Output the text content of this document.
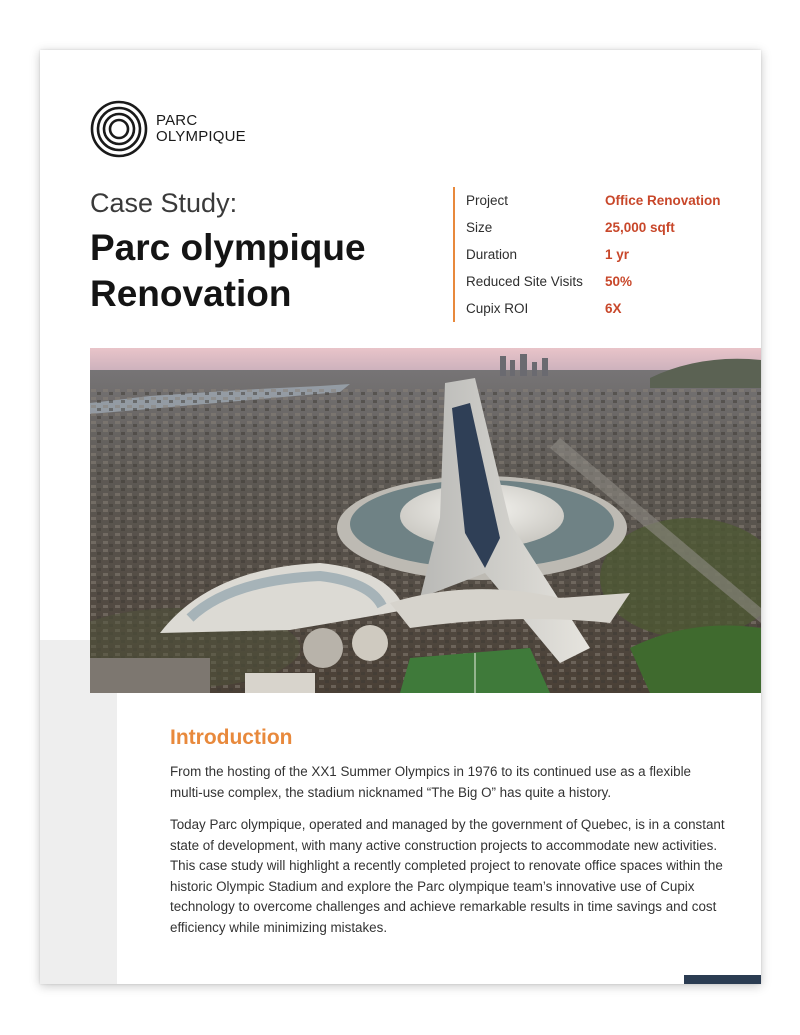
PARC
OLYMPIQUE
Case Study:
Parc olympique
Renovation
Project	Office Renovation
Size	25,000 sqft
Duration	1 yr
Reduced Site Visits	50%
Cupix ROI	6X
Introduction

From the hosting of the XX1 Summer Olympics in 1976 to its continued use as a flexible multi-use complex, the stadium nicknamed “The Big O” has quite a history.

Today Parc olympique, operated and managed by the government of Quebec, is in a constant state of development, with many active construction projects to accommodate new activities. This case study will highlight a recently completed project to renovate office spaces within the historic Olympic Stadium and explore the Parc olympique team’s innovative use of Cupix technology to overcome challenges and achieve remarkable results in time savings and cost efficiency while minimizing mistakes.
